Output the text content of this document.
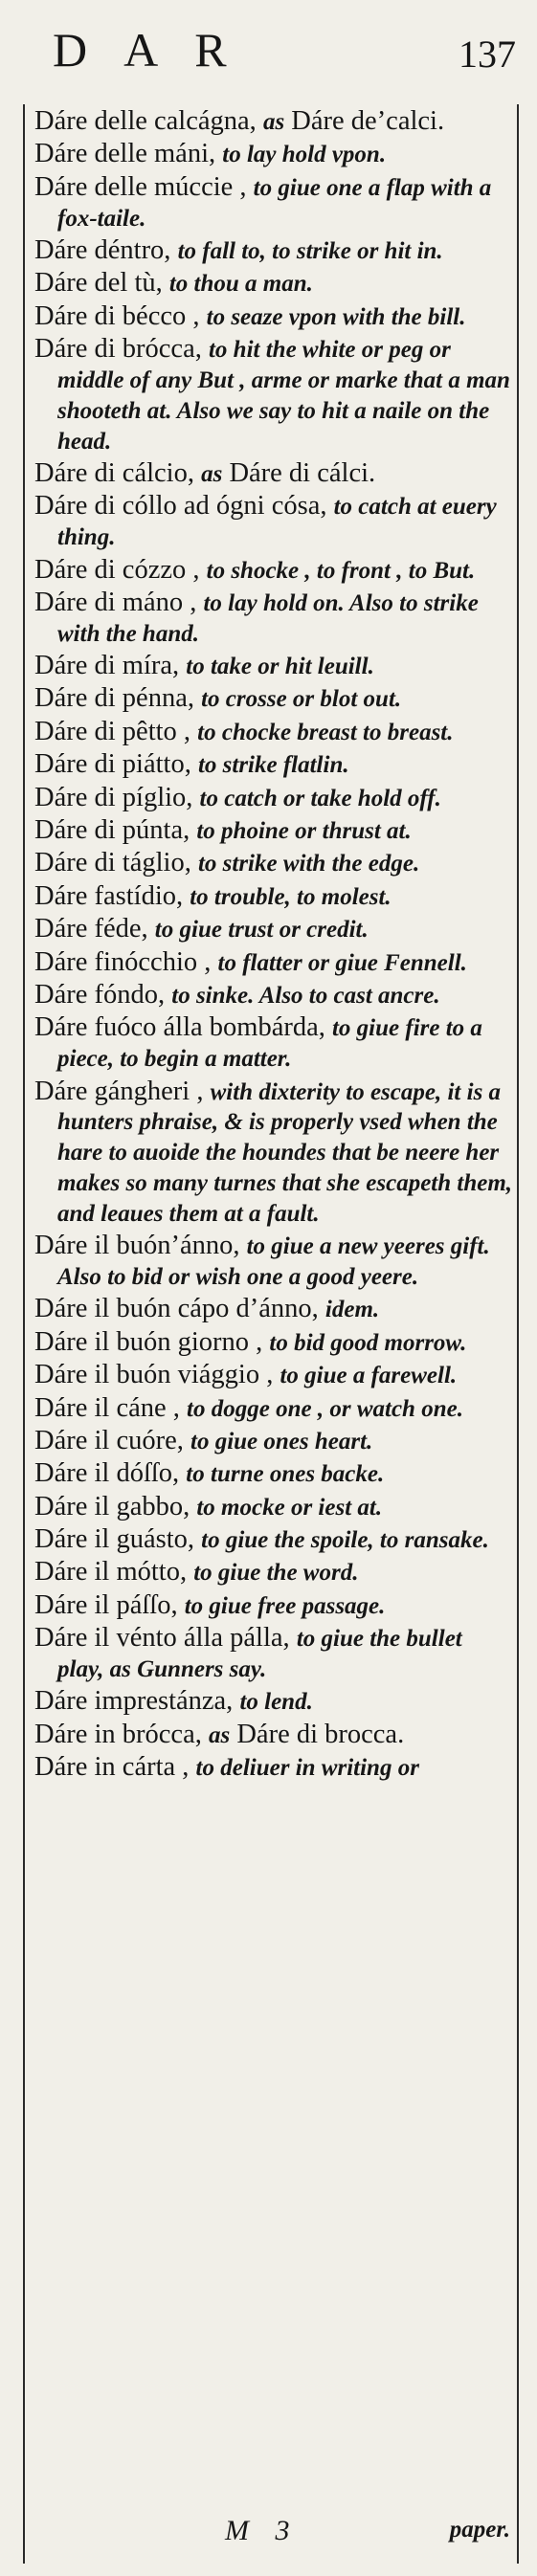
DAR	137
Dáre delle calcágna, as Dáre de’calci.
Dáre delle máni, to lay hold vpon.
Dáre delle múccie , to giue one a flap with a fox-taile.
Dáre déntro, to fall to, to strike or hit in.
Dáre del tù, to thou a man.
Dáre di bécco , to seaze vpon with the bill.
Dáre di brócca, to hit the white or peg or middle of any But , arme or marke that a man shooteth at. Also we say to hit a naile on the head.
Dáre di cálcio, as Dáre di cálci.
Dáre di cóllo ad ógni cósa, to catch at euery thing.
Dáre di cózzo , to shocke , to front , to But.
Dáre di máno , to lay hold on. Also to strike with the hand.
Dáre di míra, to take or hit leuill.
Dáre di pénna, to crosse or blot out.
Dáre di pêtto , to chocke breast to breast.
Dáre di piátto, to strike flatlin.
Dáre di píglio, to catch or take hold off.
Dáre di púnta, to phoine or thrust at.
Dáre di táglio, to strike with the edge.
Dáre fastídio, to trouble, to molest.
Dáre féde, to giue trust or credit.
Dáre finócchio , to flatter or giue Fennell.
Dáre fóndo, to sinke. Also to cast ancre.
Dáre fuóco álla bombárda, to giue fire to a piece, to begin a matter.
Dáre gángheri , with dixterity to escape, it is a hunters phraise, & is properly vsed when the hare to auoide the houndes that be neere her makes so many turnes that she escapeth them, and leaues them at a fault.
Dáre il buón’ánno, to giue a new yeeres gift. Also to bid or wish one a good yeere.
Dáre il buón cápo d’ánno, idem.
Dáre il buón giorno , to bid good morrow.
Dáre il buón viággio , to giue a farewell.
Dáre il cáne , to dogge one , or watch one.
Dáre il cuóre, to giue ones heart.
Dáre il dóſſo, to turne ones backe.
Dáre il gabbo, to mocke or iest at.
Dáre il guásto, to giue the spoile, to ransake.
Dáre il mótto, to giue the word.
Dáre il páſſo, to giue free passage.
Dáre il vénto álla pálla, to giue the bullet play, as Gunners say.
Dáre imprestánza, to lend.
Dáre in brócca, as Dáre di brocca.
Dáre in cárta , to deliuer in writing or
M 3	paper.
